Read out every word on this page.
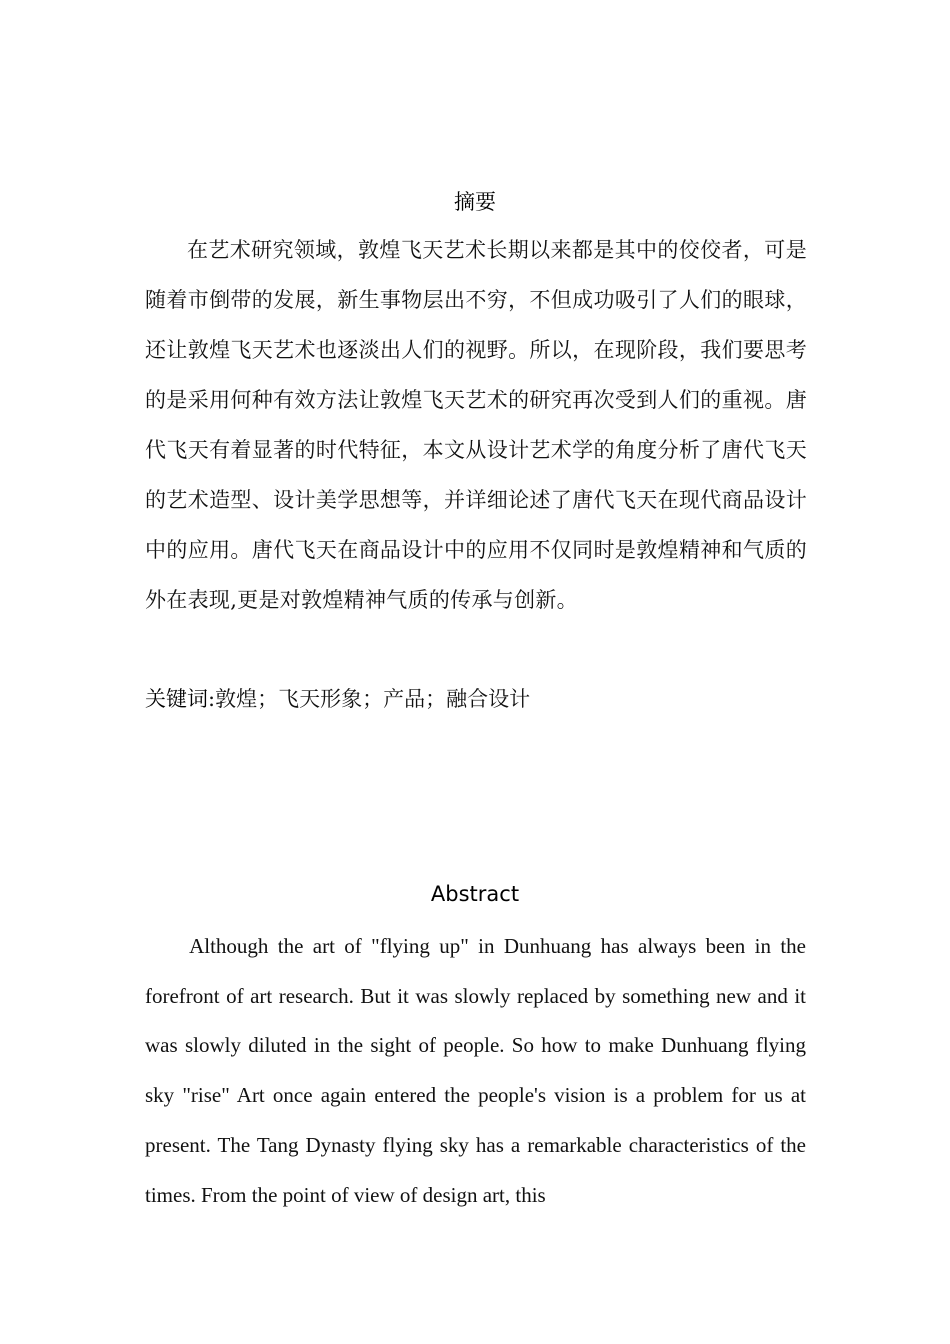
摘要
在艺术研究领域，敦煌飞天艺术长期以来都是其中的佼佼者，可是随着市倒带的发展，新生事物层出不穷，不但成功吸引了人们的眼球，还让敦煌飞天艺术也逐淡出人们的视野。所以，在现阶段，我们要思考的是采用何种有效方法让敦煌飞天艺术的研究再次受到人们的重视。唐代飞天有着显著的时代特征，本文从设计艺术学的角度分析了唐代飞天的艺术造型、设计美学思想等，并详细论述了唐代飞天在现代商品设计中的应用。唐代飞天在商品设计中的应用不仅同时是敦煌精神和气质的外在表现,更是对敦煌精神气质的传承与创新。
关键词:敦煌；飞天形象；产品；融合设计
Abstract
Although the art of "flying up" in Dunhuang has always been in the forefront of art research. But it was slowly replaced by something new and it was slowly diluted in the sight of people. So how to make Dunhuang flying sky "rise" Art once again entered the people's vision is a problem for us at present. The Tang Dynasty flying sky has a remarkable characteristics of the times. From the point of view of design art, this
